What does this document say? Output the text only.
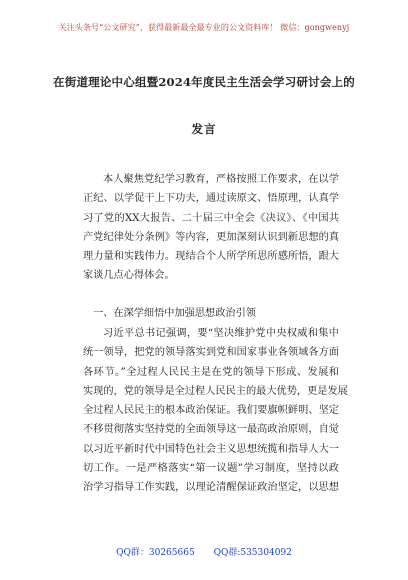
关注头条号“公文研究”，获得最新最全最专业的公文资料库！ 微信：gongwenyj
在街道理论中心组暨2024年度民主生活会学习研讨会上的
发言
本人聚焦党纪学习教育，严格按照工作要求，在以学
正纪、以学促干上下功夫，通过读原文、悟原理，认真学
习了党的XX大报告、二十届三中全会《决议》、《中国共
产党纪律处分条例》等内容，更加深刻认识到新思想的真
理力量和实践伟力。现结合个人所学所思所感所悟，跟大
家谈几点心得体会。
一、在深学细悟中加强思想政治引领
习近平总书记强调，要“坚决维护党中央权威和集中
统一领导，把党的领导落实到党和国家事业各领域各方面
各环节。”全过程人民民主是在党的领导下形成、发展和
实现的，党的领导是全过程人民民主的最大优势，更是发展
全过程人民民主的根本政治保证。我们要旗帜鲜明、坚定
不移贯彻落实坚持党的全面领导这一最高政治原则，自觉
以习近平新时代中国特色社会主义思想统揽和指导人大一
切工作。一是严格落实“第一议题”学习制度，坚持以政
治学习指导工作实践，以理论清醒保证政治坚定，以思想
QQ群：30265665 QQ群:535304092
